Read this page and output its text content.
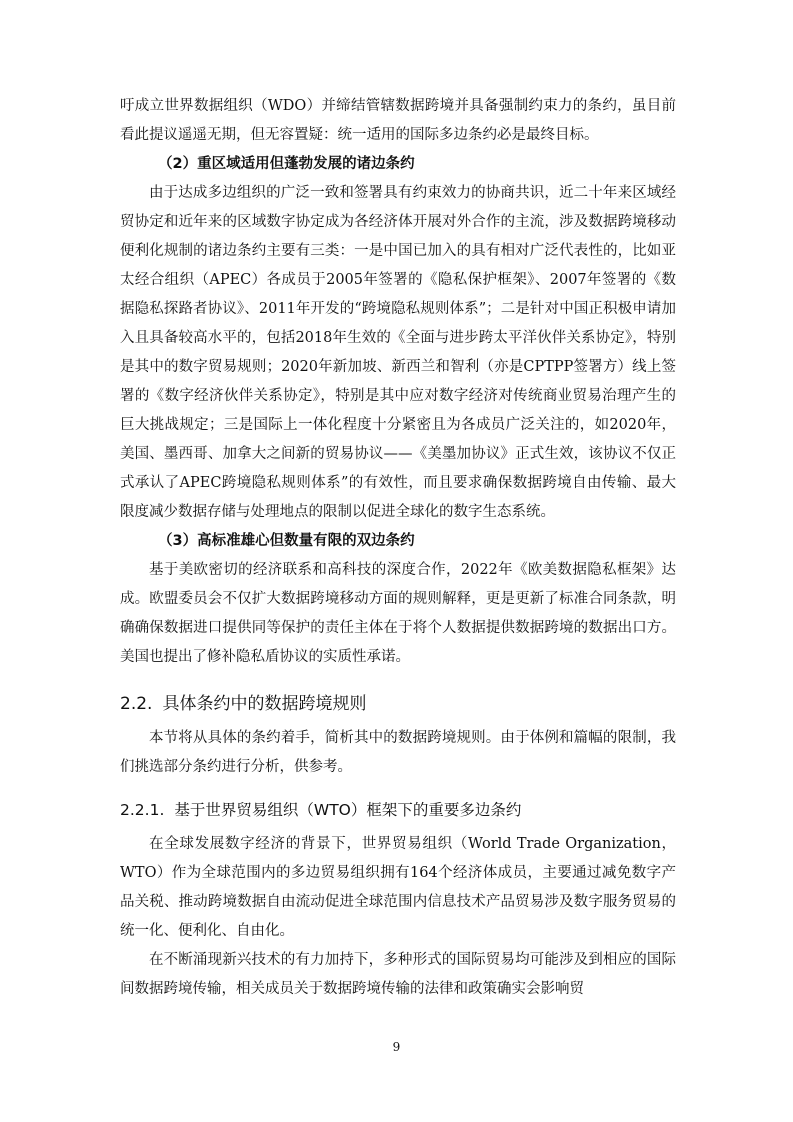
吁成立世界数据组织（WDO）并缔结管辖数据跨境并具备强制约束力的条约，虽目前看此提议遥遥无期，但无容置疑：统一适用的国际多边条约必是最终目标。

（2）重区域适用但蓬勃发展的诸边条约

由于达成多边组织的广泛一致和签署具有约束效力的协商共识，近二十年来区域经贸协定和近年来的区域数字协定成为各经济体开展对外合作的主流，涉及数据跨境移动便利化规制的诸边条约主要有三类：一是中国已加入的具有相对广泛代表性的，比如亚太经合组织（APEC）各成员于2005年签署的《隐私保护框架》、2007年签署的《数据隐私探路者协议》、2011年开发的“跨境隐私规则体系”；二是针对中国正积极申请加入且具备较高水平的，包括2018年生效的《全面与进步跨太平洋伙伴关系协定》，特别是其中的数字贸易规则；2020年新加坡、新西兰和智利（亦是CPTPP签署方）线上签署的《数字经济伙伴关系协定》，特别是其中应对数字经济对传统商业贸易治理产生的巨大挑战规定；三是国际上一体化程度十分紧密且为各成员广泛关注的，如2020年，美国、墨西哥、加拿大之间新的贸易协议——《美墨加协议》正式生效，该协议不仅正式承认了APEC跨境隐私规则体系”的有效性，而且要求确保数据跨境自由传输、最大限度减少数据存储与处理地点的限制以促进全球化的数字生态系统。

（3）高标准雄心但数量有限的双边条约

基于美欧密切的经济联系和高科技的深度合作，2022年《欧美数据隐私框架》达成。欧盟委员会不仅扩大数据跨境移动方面的规则解释，更是更新了标准合同条款，明确确保数据进口提供同等保护的责任主体在于将个人数据提供数据跨境的数据出口方。美国也提出了修补隐私盾协议的实质性承诺。

2.2. 具体条约中的数据跨境规则

本节将从具体的条约着手，简析其中的数据跨境规则。由于体例和篇幅的限制，我们挑选部分条约进行分析，供参考。

2.2.1. 基于世界贸易组织（WTO）框架下的重要多边条约

在全球发展数字经济的背景下，世界贸易组织（World Trade Organization，WTO）作为全球范围内的多边贸易组织拥有164个经济体成员，主要通过减免数字产品关税、推动跨境数据自由流动促进全球范围内信息技术产品贸易涉及数字服务贸易的统一化、便利化、自由化。

在不断涌现新兴技术的有力加持下，多种形式的国际贸易均可能涉及到相应的国际间数据跨境传输，相关成员关于数据跨境传输的法律和政策确实会影响贸

9
